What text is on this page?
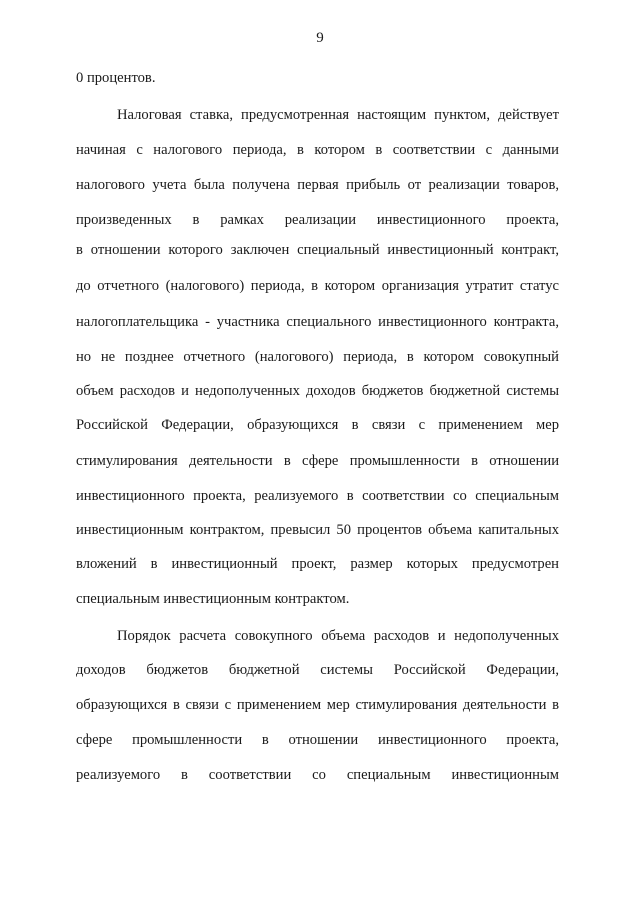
9
0 процентов.
Налоговая ставка, предусмотренная настоящим пунктом, действует
начиная с налогового периода, в котором в соответствии с данными
налогового учета была получена первая прибыль от реализации товаров,
произведенных в рамках реализации инвестиционного проекта,
в отношении которого заключен специальный инвестиционный контракт,
до отчетного (налогового) периода, в котором организация утратит статус
налогоплательщика - участника специального инвестиционного контракта,
но не позднее отчетного (налогового) периода, в котором совокупный
объем расходов и недополученных доходов бюджетов бюджетной системы
Российской Федерации, образующихся в связи с применением мер
стимулирования деятельности в сфере промышленности в отношении
инвестиционного проекта, реализуемого в соответствии со специальным
инвестиционным контрактом, превысил 50 процентов объема капитальных
вложений в инвестиционный проект, размер которых предусмотрен
специальным инвестиционным контрактом.
Порядок расчета совокупного объема расходов и недополученных
доходов бюджетов бюджетной системы Российской Федерации,
образующихся в связи с применением мер стимулирования деятельности в
сфере промышленности в отношении инвестиционного проекта,
реализуемого в соответствии со специальным инвестиционным
